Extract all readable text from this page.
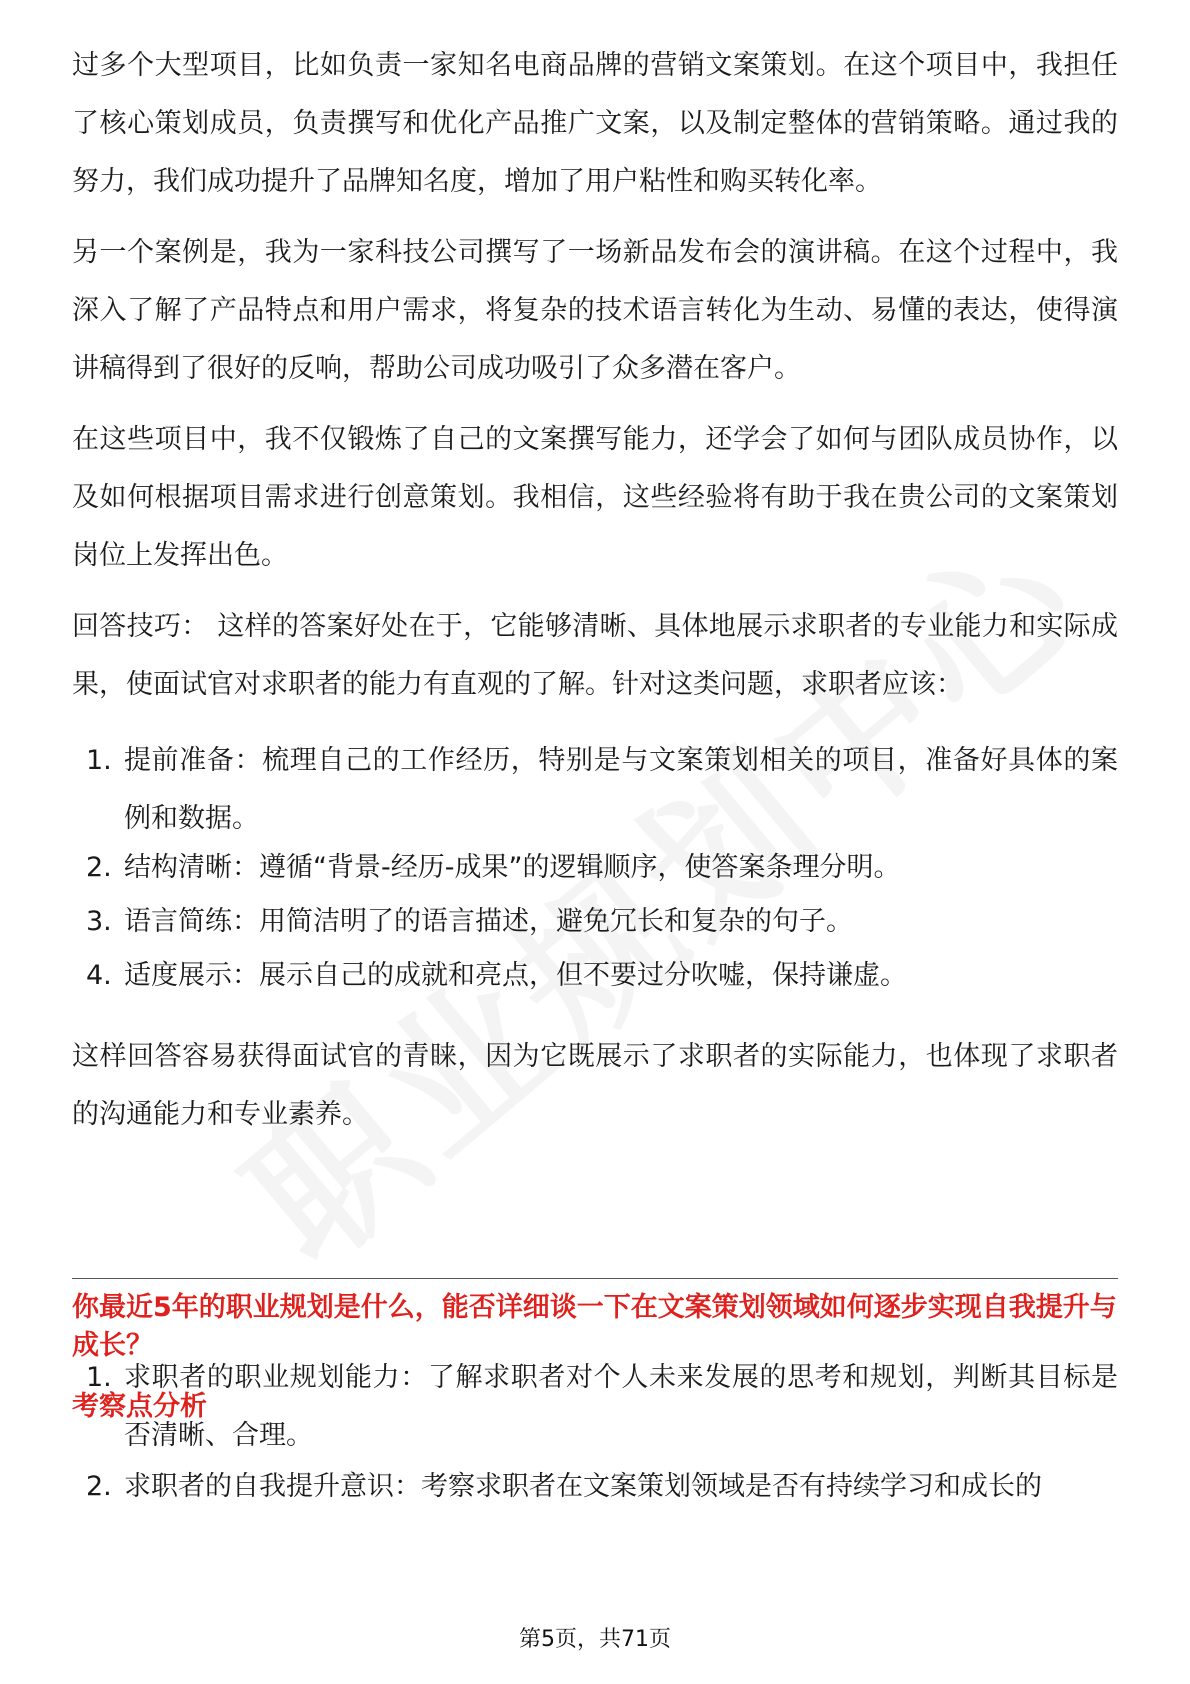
过多个大型项目，比如负责一家知名电商品牌的营销文案策划。在这个项目中，我担任了核心策划成员，负责撰写和优化产品推广文案，以及制定整体的营销策略。通过我的努力，我们成功提升了品牌知名度，增加了用户粘性和购买转化率。

另一个案例是，我为一家科技公司撰写了一场新品发布会的演讲稿。在这个过程中，我深入了解了产品特点和用户需求，将复杂的技术语言转化为生动、易懂的表达，使得演讲稿得到了很好的反响，帮助公司成功吸引了众多潜在客户。

在这些项目中，我不仅锻炼了自己的文案撰写能力，还学会了如何与团队成员协作，以及如何根据项目需求进行创意策划。我相信，这些经验将有助于我在贵公司的文案策划岗位上发挥出色。

回答技巧： 这样的答案好处在于，它能够清晰、具体地展示求职者的专业能力和实际成果，使面试官对求职者的能力有直观的了解。针对这类问题，求职者应该：

1. 提前准备：梳理自己的工作经历，特别是与文案策划相关的项目，准备好具体的案例和数据。

2. 结构清晰：遵循“背景-经历-成果”的逻辑顺序，使答案条理分明。

3. 语言简练：用简洁明了的语言描述，避免冗长和复杂的句子。

4. 适度展示：展示自己的成就和亮点，但不要过分吹嘘，保持谦虚。

这样回答容易获得面试官的青睐，因为它既展示了求职者的实际能力，也体现了求职者的沟通能力和专业素养。

你最近5年的职业规划是什么，能否详细谈一下在文案策划领域如何逐步实现自我提升与成长？
考察点分析
1. 求职者的职业规划能力：了解求职者对个人未来发展的思考和规划，判断其目标是否清晰、合理。

2. 求职者的自我提升意识：考察求职者在文案策划领域是否有持续学习和成长的

第5页，共71页
